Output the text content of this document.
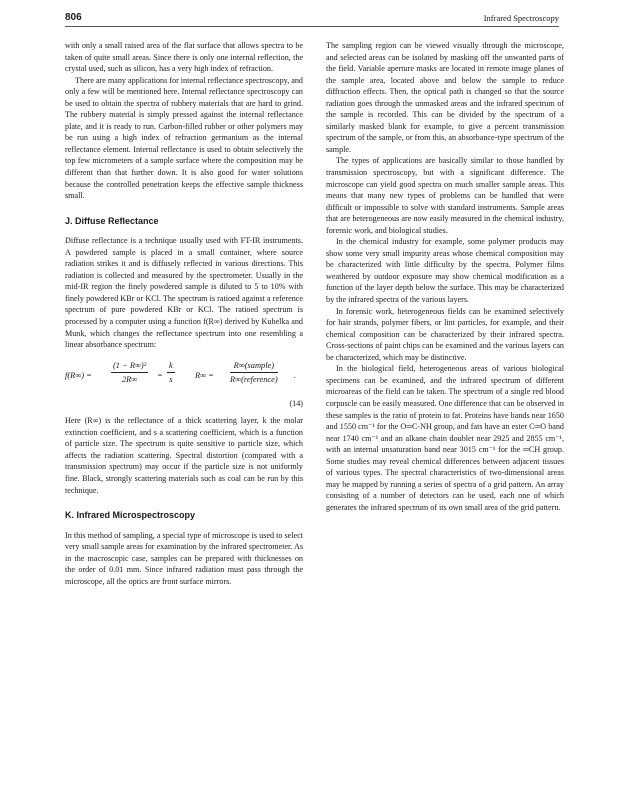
806	Infrared Spectroscopy

with only a small raised area of the flat surface that allows spectra to be taken of quite small areas. Since there is only one internal reflection, the crystal used, such as silicon, has a very high index of refraction.

There are many applications for internal reflectance spectroscopy, and only a few will be mentioned here. Internal reflectance spectroscopy can be used to obtain the spectra of rubbery materials that are hard to grind. The rubbery material is simply pressed against the internal reflectance plate, and it is ready to run. Carbon-filled rubber or other polymers may be run using a high index of refraction germanium as the internal reflectance element. Internal reflectance is used to obtain selectively the top few micrometers of a sample surface where the composition may be different than that further down. It is also good for water solutions because the controlled penetration keeps the effective sample thickness small.

J. Diffuse Reflectance

Diffuse reflectance is a technique usually used with FT-IR instruments. A powdered sample is placed in a small container, where source radiation strikes it and is diffusely reflected in various directions. This radiation is collected and measured by the spectrometer. Usually in the mid-IR region the finely powdered sample is diluted to 5 to 10% with finely powdered KBr or KCl. The spectrum is ratioed against a reference spectrum of pure powdered KBr or KCl. The ratioed spectrum is processed by a computer using a function f(R∞) derived by Kubelka and Munk, which changes the reflectance spectrum into one resembling a linear absorbance spectrum:

$f(R\infty) = \frac{\text{(1 − R∞)²}}{2R\infty} = \frac{k}{s} R\infty$ =
R∞(sample)
R∞(reference)
.
(14)

Here (R∞) is the reflectance of a thick scattering layer, k the molar extinction coefficient, and s a scattering coefficient, which is a function of particle size. The spectrum is quite sensitive to particle size, which affects the radiation scattering. Spectral distortion (compared with a transmission spectrum) may occur if the particle size is not uniformly fine. Black, strongly scattering materials such as coal can be run by this technique.

K. Infrared Microspectroscopy

In this method of sampling, a special type of microscope is used to select very small sample areas for examination by the infrared spectrometer. As in the macroscopic case, samples can be prepared with thicknesses on the order of 0.01 mm. Since infrared radiation must pass through the microscope, all the optics are front surface mirrors.

The sampling region can be viewed visually through the microscope, and selected areas can be isolated by masking off the unwanted parts of the field. Variable aperture masks are located in remote image planes of the sample area, located above and below the sample to reduce diffraction effects. Then, the optical path is changed so that the source radiation goes through the unmasked areas and the infrared spectrum of the sample is recorded. This can be divided by the spectrum of a similarly masked blank for example, to give a percent transmission spectrum of the sample, or from this, an absorbance-type spectrum of the sample.

The types of applications are basically similar to those handled by transmission spectroscopy, but with a significant difference. The microscope can yield good spectra on much smaller sample areas. This means that many new types of problems can be handled that were difficult or impossible to solve with standard instruments. Sample areas that are heterogeneous are now easily measured in the chemical industry, forensic work, and biological studies.

In the chemical industry for example, some polymer products may show some very small impurity areas whose chemical composition may be characterized with little difficulty by the spectra. Polymer films weathered by outdoor exposure may show chemical modification as a function of the layer depth below the surface. This may be characterized by the infrared spectra of the various layers.

In forensic work, heterogeneous fields can be examined selectively for hair strands, polymer fibers, or lint particles, for example, and their chemical composition can be characterized by their infrared spectra. Cross-sections of paint chips can be examined and the various layers can be characterized, which may be distinctive.

In the biological field, heterogeneous areas of various biological specimens can be examined, and the infrared spectrum of different microareas of the field can be taken. The spectrum of a single red blood corpuscle can be easily measured. One difference that can be observed in these samples is the ratio of protein to fat. Proteins have bands near 1650 and 1550 cm⁻¹ for the O═C-NH group, and fats have an ester C═O band near 1740 cm⁻¹ and an alkane chain doublet near 2925 and 2855 cm⁻¹, with an internal unsaturation band near 3015 cm⁻¹ for the ═CH group. Some studies may reveal chemical differences between adjacent tissues of various types. The spectral characteristics of two-dimensional areas may be mapped by running a series of spectra of a grid pattern. An array consisting of a number of detectors can be used, each one of which generates the infrared spectrum of its own small area of the grid pattern.
